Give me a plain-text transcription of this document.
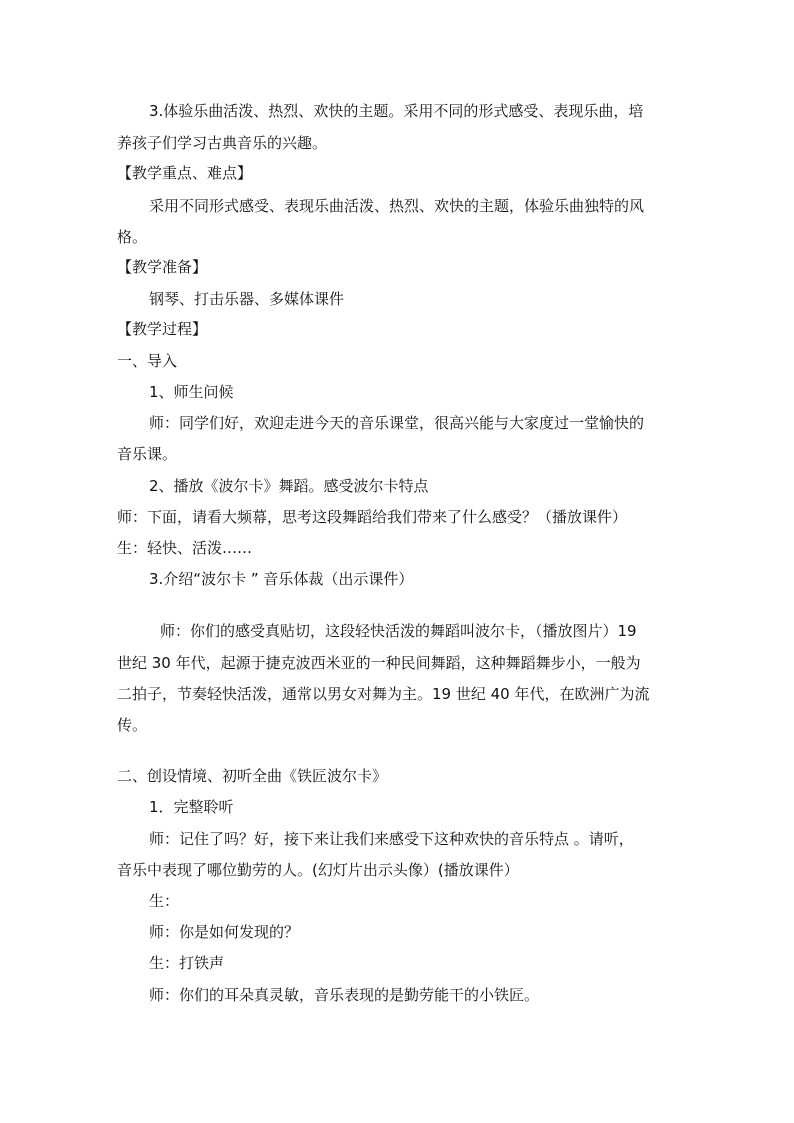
3.体验乐曲活泼、热烈、欢快的主题。采用不同的形式感受、表现乐曲，培
养孩子们学习古典音乐的兴趣。
【教学重点、难点】
采用不同形式感受、表现乐曲活泼、热烈、欢快的主题，体验乐曲独特的风
格。
【教学准备】
钢琴、打击乐器、多媒体课件
【教学过程】
一、导入
1、师生问候
师：同学们好，欢迎走进今天的音乐课堂，很高兴能与大家度过一堂愉快的
音乐课。
2、播放《波尔卡》舞蹈。感受波尔卡特点
师：下面，请看大频幕，思考这段舞蹈给我们带来了什么感受？（播放课件）
生：轻快、活泼……
3.介绍“波尔卡 ” 音乐体裁（出示课件）
师：你们的感受真贴切，这段轻快活泼的舞蹈叫波尔卡，（播放图片）19
世纪 30 年代，起源于捷克波西米亚的一种民间舞蹈，这种舞蹈舞步小，一般为
二拍子，节奏轻快活泼，通常以男女对舞为主。19 世纪 40 年代，在欧洲广为流
传。
二、创设情境、初听全曲《铁匠波尔卡》
1．完整聆听
师：记住了吗？好，接下来让我们来感受下这种欢快的音乐特点 。请听，
音乐中表现了哪位勤劳的人。(幻灯片出示头像）(播放课件）
生：
师：你是如何发现的？
生：打铁声
师：你们的耳朵真灵敏，音乐表现的是勤劳能干的小铁匠。
